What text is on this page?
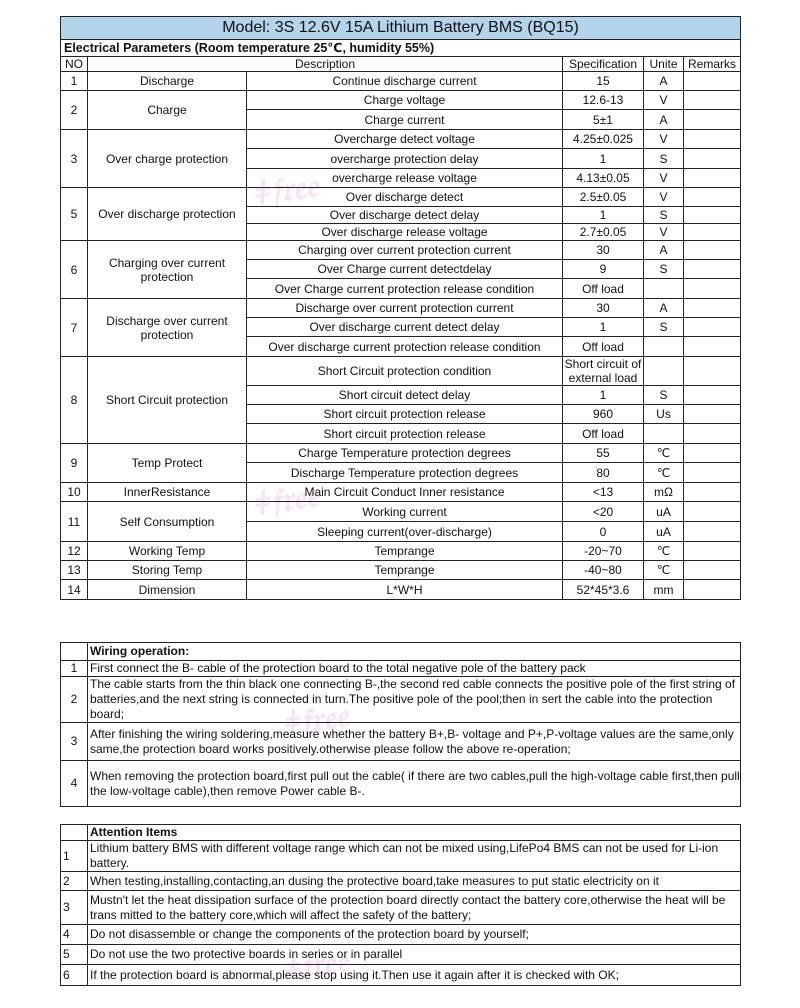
ǂ𝔣𝔯𝔢𝔢
ǂ𝔣𝔯𝔢𝔢
ǂ𝔣𝔯𝔢𝔢
ǂ𝔣𝔯𝔢𝔢
Model: 3S 12.6V 15A Lithium Battery BMS (BQ15)					
Electrical Parameters (Room temperature 25℃, humidity 55%)					
NO	Description		Specification	Unite	Remarks
1	Discharge	Continue discharge current	15	A	
2	Charge	Charge voltage	12.6-13	V	
		Charge current	5±1	A	
3	Over charge protection	Overcharge detect voltage	4.25±0.025	V	
		overcharge protection delay	1	S	
		overcharge release voltage	4.13±0.05	V	
5	Over discharge protection	Over discharge detect	2.5±0.05	V	
		Over discharge detect delay	1	S	
		Over discharge release voltage	2.7±0.05	V	
6	Charging over current protection	Charging over current protection current	30	A	
		Over Charge current detectdelay	9	S	
		Over Charge current protection release condition	Off load		
7	Discharge over current protection	Discharge over current protection current	30	A	
		Over discharge current detect delay	1	S	
		Over discharge current protection release condition	Off load		
8	Short Circuit protection	Short Circuit protection condition	Short circuit of external load		
		Short circuit detect delay	1	S	
		Short circuit protection release	960	Us	
		Short circuit protection release	Off load		
9	Temp Protect	Charge Temperature protection degrees	55	℃	
		Discharge Temperature protection degrees	80	℃	
10	InnerResistance	Main Circuit Conduct Inner resistance	<13	mΩ	
11	Self Consumption	Working current	<20	uA	
		Sleeping current(over-discharge)	0	uA	
12	Working Temp	Temprange	-20~70	℃	
13	Storing Temp	Temprange	-40~80	℃	
14	Dimension	L*W*H	52*45*3.6	mm	
	Wiring operation:
1	First connect the B- cable of the protection board to the total negative pole of the battery pack
2	The cable starts from the thin black one connecting B-,the second red cable connects the positive pole of the first string of batteries,and the next string is connected in turn.The positive pole of the pool;then in sert the cable into the protection board;
3	After finishing the wiring soldering,measure whether the battery B+,B- voltage and P+,P-voltage values are the same,only same,the protection board works positively.otherwise please follow the above re-operation;
4	When removing the protection board,first pull out the cable( if there are two cables,pull the high-voltage cable first,then pull the low-voltage cable),then remove Power cable B-.
	Attention Items
1	Lithium battery BMS with different voltage range which can not be mixed using,LifePo4 BMS can not be used for Li-ion battery.
2	When testing,installing,contacting,an dusing the protective board,take measures to put static electricity on it
3	Mustn't let the heat dissipation surface of the protection board directly contact the battery core,otherwise the heat will be trans mitted to the battery core,which will affect the safety of the battery;
4	Do not disassemble or change the components of the protection board by yourself;
5	Do not use the two protective boards in series or in parallel
6	If the protection board is abnormal,please stop using it.Then use it again after it is checked with OK;
